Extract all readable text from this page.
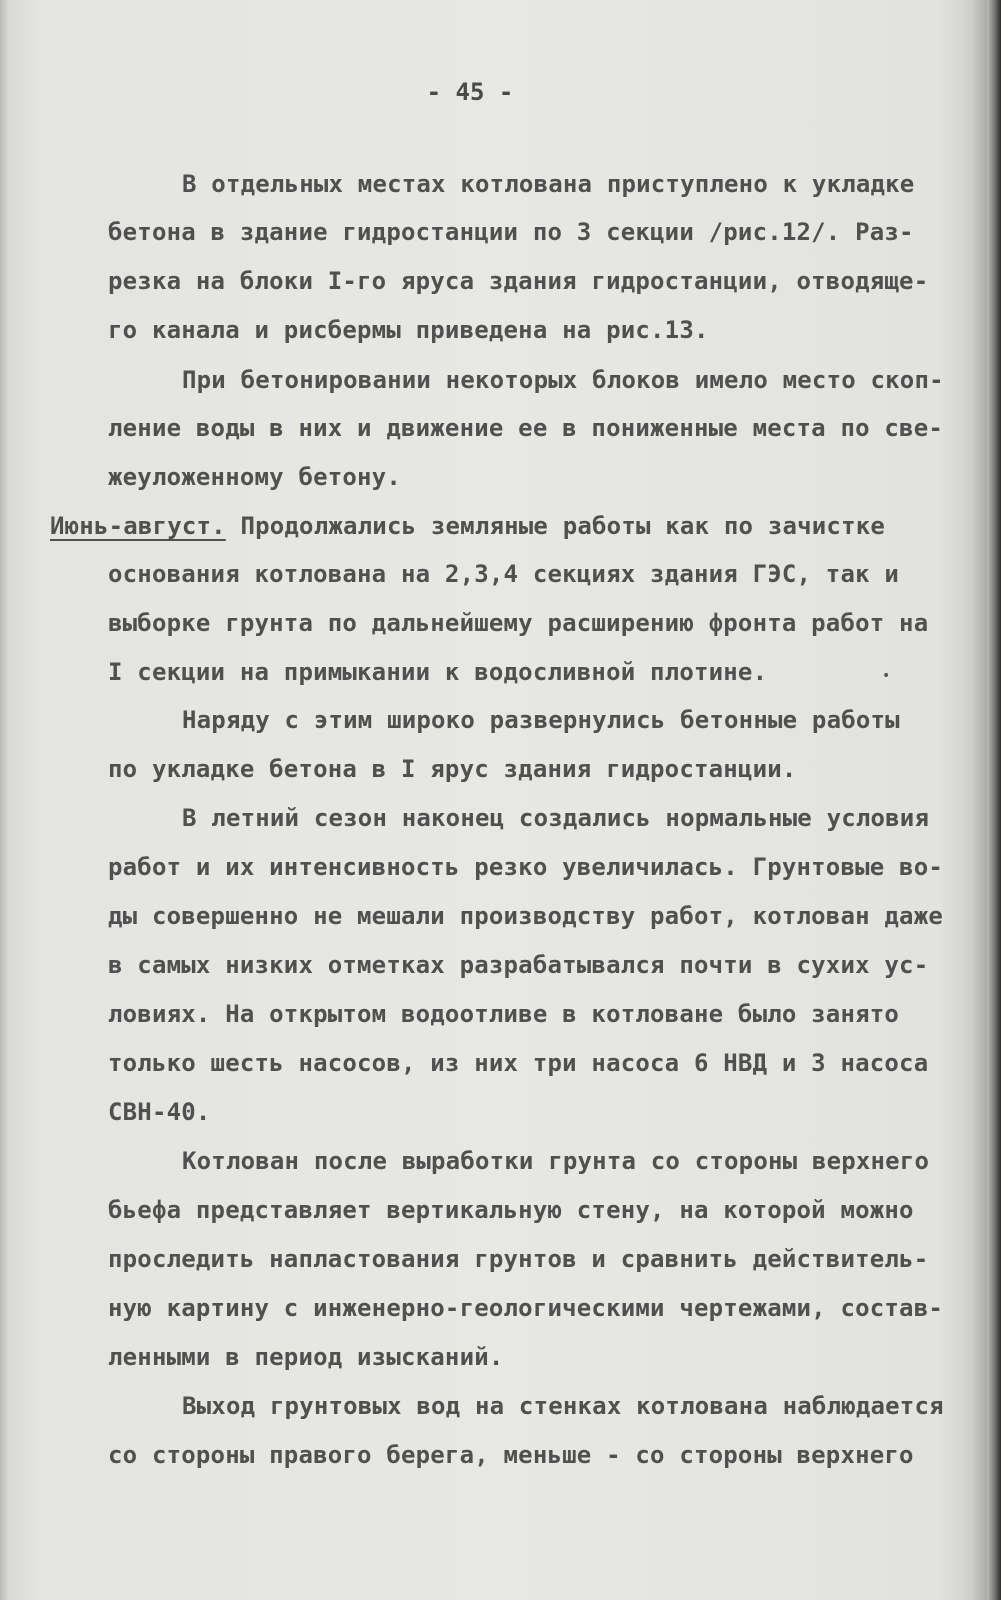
- 45 -
В отдельных местах котлована приступлено к укладке
бетона в здание гидростанции по 3 секции /рис.12/. Раз-
резка на блоки I-го яруса здания гидростанции, отводяще-
го канала и рисбермы приведена на рис.13.
При бетонировании некоторых блоков имело место скоп-
ление воды в них и движение ее в пониженные места по све-
жеуложенному бетону.
Июнь-август. Продолжались земляные работы как по зачистке
основания котлована на 2,3,4 секциях здания ГЭС, так и
выборке грунта по дальнейшему расширению фронта работ на
I секции на примыкании к водосливной плотине.
Наряду с этим широко развернулись бетонные работы
по укладке бетона в I ярус здания гидростанции.
В летний сезон наконец создались нормальные условия
работ и их интенсивность резко увеличилась. Грунтовые во-
ды совершенно не мешали производству работ, котлован даже
в самых низких отметках разрабатывался почти в сухих ус-
ловиях. На открытом водоотливе в котловане было занято
только шесть насосов, из них три насоса 6 НВД и 3 насоса
СВН-40.
Котлован после выработки грунта со стороны верхнего
бьефа представляет вертикальную стену, на которой можно
проследить напластования грунтов и сравнить действитель-
ную картину с инженерно-геологическими чертежами, состав-
ленными в период изысканий.
Выход грунтовых вод на стенках котлована наблюдается
со стороны правого берега, меньше - со стороны верхнего
•
